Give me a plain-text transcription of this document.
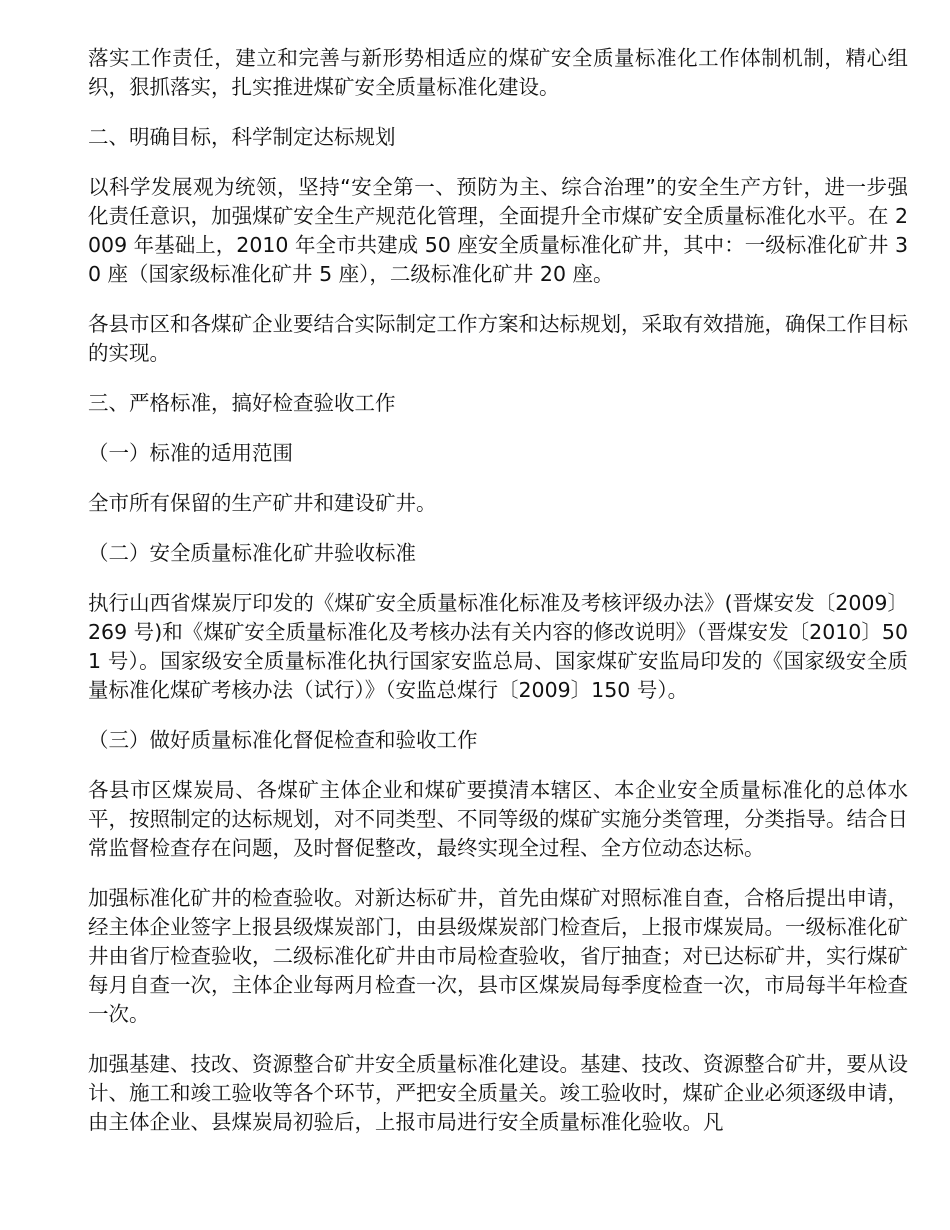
落实工作责任，建立和完善与新形势相适应的煤矿安全质量标准化工作体制机制，精心组织，狠抓落实，扎实推进煤矿安全质量标准化建设。

二、明确目标，科学制定达标规划

以科学发展观为统领，坚持“安全第一、预防为主、综合治理”的安全生产方针，进一步强化责任意识，加强煤矿安全生产规范化管理，全面提升全市煤矿安全质量标准化水平。在 2009 年基础上，2010 年全市共建成 50 座安全质量标准化矿井，其中：一级标准化矿井 30 座（国家级标准化矿井 5 座），二级标准化矿井 20 座。

各县市区和各煤矿企业要结合实际制定工作方案和达标规划，采取有效措施，确保工作目标的实现。

三、严格标准，搞好检查验收工作

（一）标准的适用范围

全市所有保留的生产矿井和建设矿井。

（二）安全质量标准化矿井验收标准

执行山西省煤炭厅印发的《煤矿安全质量标准化标准及考核评级办法》(晋煤安发〔2009〕269 号)和《煤矿安全质量标准化及考核办法有关内容的修改说明》（晋煤安发〔2010〕501 号）。国家级安全质量标准化执行国家安监总局、国家煤矿安监局印发的《国家级安全质量标准化煤矿考核办法（试行）》（安监总煤行〔2009〕150 号）。

（三）做好质量标准化督促检查和验收工作

各县市区煤炭局、各煤矿主体企业和煤矿要摸清本辖区、本企业安全质量标准化的总体水平，按照制定的达标规划，对不同类型、不同等级的煤矿实施分类管理，分类指导。结合日常监督检查存在问题，及时督促整改，最终实现全过程、全方位动态达标。

加强标准化矿井的检查验收。对新达标矿井，首先由煤矿对照标准自查，合格后提出申请，经主体企业签字上报县级煤炭部门，由县级煤炭部门检查后，上报市煤炭局。一级标准化矿井由省厅检查验收，二级标准化矿井由市局检查验收，省厅抽查；对已达标矿井，实行煤矿每月自查一次，主体企业每两月检查一次，县市区煤炭局每季度检查一次，市局每半年检查一次。

加强基建、技改、资源整合矿井安全质量标准化建设。基建、技改、资源整合矿井，要从设计、施工和竣工验收等各个环节，严把安全质量关。竣工验收时，煤矿企业必须逐级申请，由主体企业、县煤炭局初验后，上报市局进行安全质量标准化验收。凡
